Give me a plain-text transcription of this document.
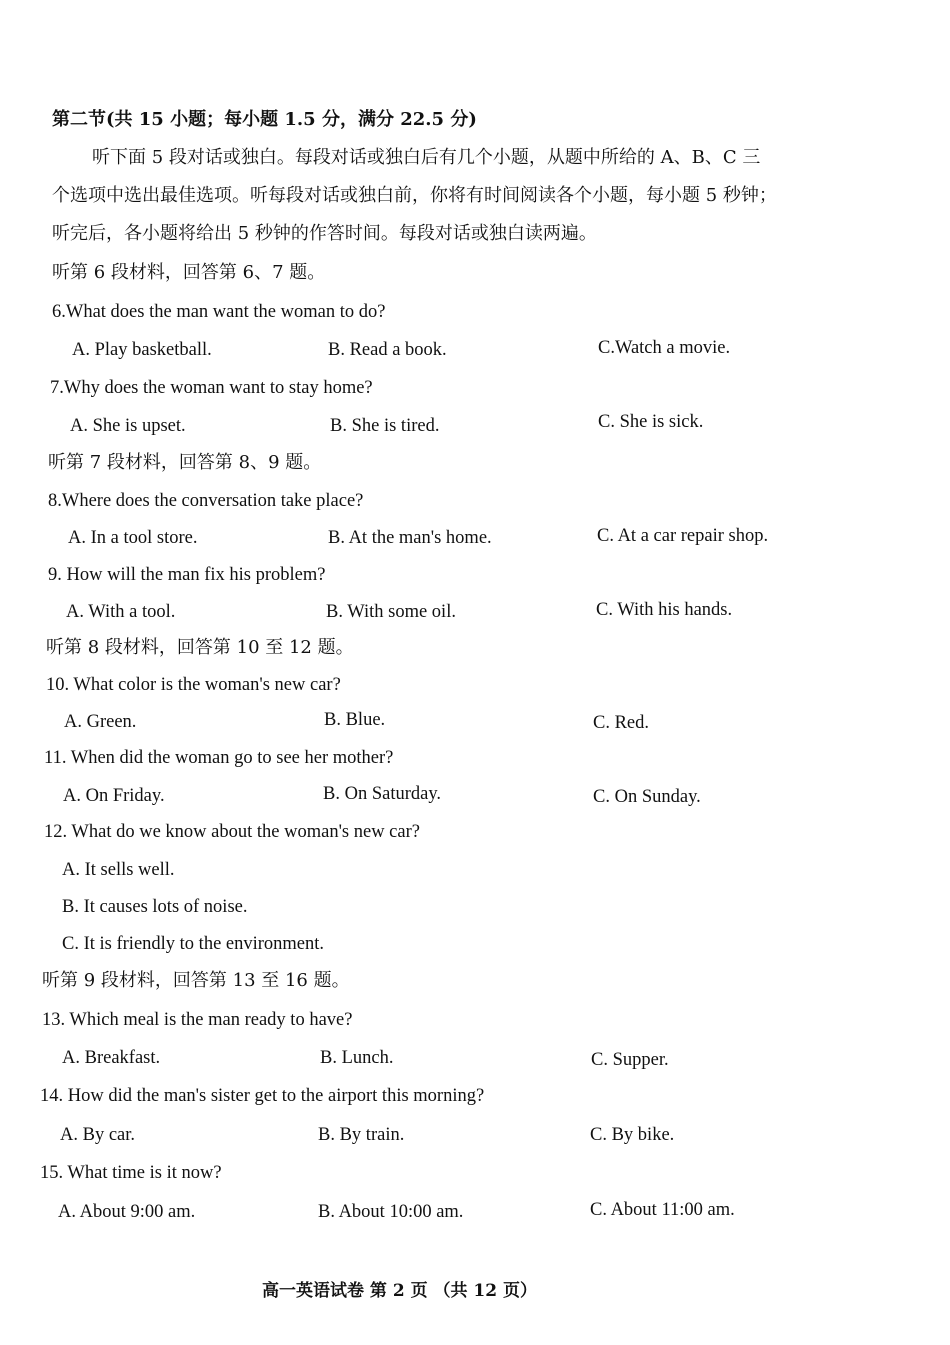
第二节(共 15 小题；每小题 1.5 分，满分 22.5 分)
听下面 5 段对话或独白。每段对话或独白后有几个小题，从题中所给的 A、B、C 三
个选项中选出最佳选项。听每段对话或独白前，你将有时间阅读各个小题，每小题 5 秒钟；
听完后，各小题将给出 5 秒钟的作答时间。每段对话或独白读两遍。
听第 6 段材料，回答第 6、7 题。
6.What does the man want the woman to do?
A. Play basketball.	B. Read a book.	C.Watch a movie.
7.Why does the woman want to stay home?
A. She is upset.	B. She is tired.	C. She is sick.
听第 7 段材料，回答第 8、9 题。
8.Where does the conversation take place?
A. In a tool store.	B. At the man's home.	C. At a car repair shop.
9. How will the man fix his problem?
A. With a tool.	B. With some oil.	C. With his hands.
听第 8 段材料，回答第 10 至 12 题。
10. What color is the woman's new car?
A. Green.	B. Blue.	C. Red.
11. When did the woman go to see her mother?
A. On Friday.	B. On Saturday.	C. On Sunday.
12. What do we know about the woman's new car?
A. It sells well.
B. It causes lots of noise.
C. It is friendly to the environment.
听第 9 段材料，回答第 13 至 16 题。
13. Which meal is the man ready to have?
A. Breakfast.	B. Lunch.	C. Supper.
14. How did the man's sister get to the airport this morning?
A. By car.	B. By train.	C. By bike.
15. What time is it now?
A. About 9:00 am.	B. About 10:00 am.	C. About 11:00 am.
高一英语试卷 第 2 页 （共 12 页）
